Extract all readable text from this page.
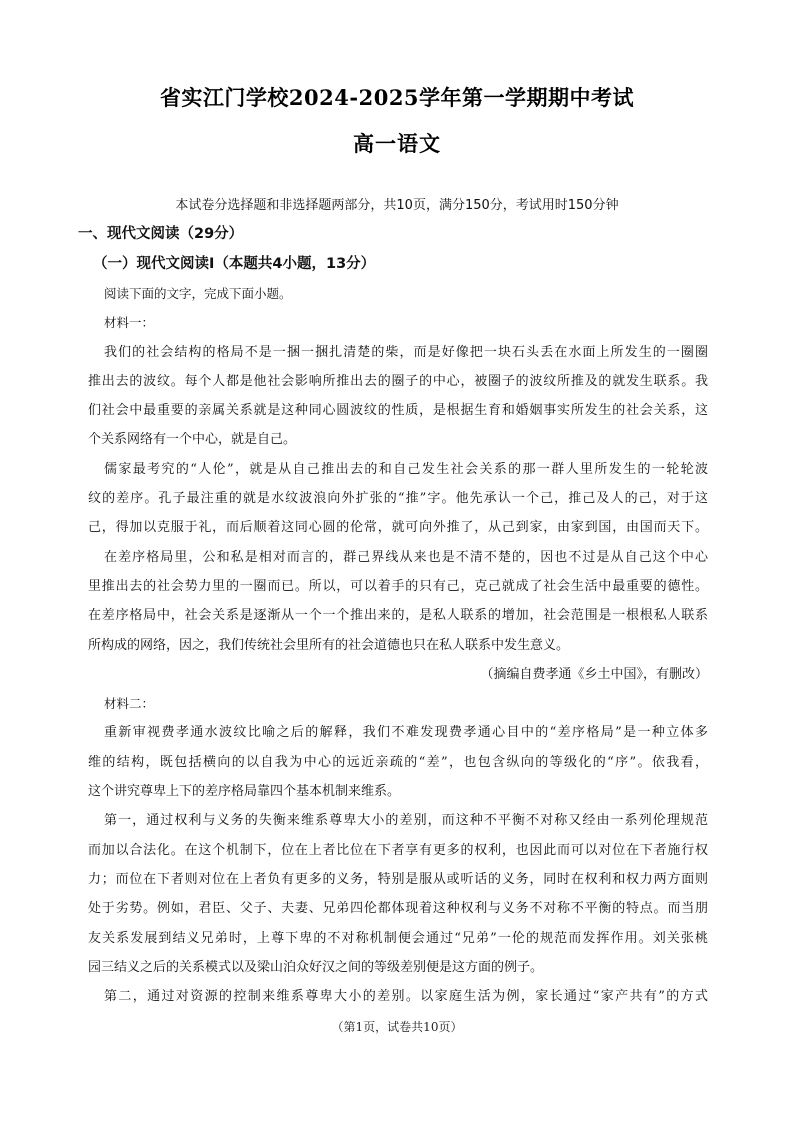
省实江门学校2024-2025学年第一学期期中考试
高一语文
本试卷分选择题和非选择题两部分，共10页，满分150分，考试用时150分钟
一、现代文阅读（29分）
（一）现代文阅读Ⅰ（本题共4小题，13分）
阅读下面的文字，完成下面小题。
材料一：
我们的社会结构的格局不是一捆一捆扎清楚的柴，而是好像把一块石头丢在水面上所发生的一圈圈
推出去的波纹。每个人都是他社会影响所推出去的圈子的中心，被圈子的波纹所推及的就发生联系。我
们社会中最重要的亲属关系就是这种同心圆波纹的性质，是根据生育和婚姻事实所发生的社会关系，这
个关系网络有一个中心，就是自己。
儒家最考究的“人伦”，就是从自己推出去的和自己发生社会关系的那一群人里所发生的一轮轮波
纹的差序。孔子最注重的就是水纹波浪向外扩张的“推”字。他先承认一个己，推己及人的己，对于这
己，得加以克服于礼，而后顺着这同心圆的伦常，就可向外推了，从己到家，由家到国，由国而天下。
在差序格局里，公和私是相对而言的，群己界线从来也是不清不楚的，因也不过是从自己这个中心
里推出去的社会势力里的一圈而已。所以，可以着手的只有己，克己就成了社会生活中最重要的德性。
在差序格局中，社会关系是逐渐从一个一个推出来的，是私人联系的增加，社会范围是一根根私人联系
所构成的网络，因之，我们传统社会里所有的社会道德也只在私人联系中发生意义。
（摘编自费孝通《乡土中国》，有删改）
材料二：
重新审视费孝通水波纹比喻之后的解释，我们不难发现费孝通心目中的“差序格局”是一种立体多
维的结构，既包括横向的以自我为中心的远近亲疏的“差”，也包含纵向的等级化的“序”。依我看，
这个讲究尊卑上下的差序格局靠四个基本机制来维系。
第一，通过权利与义务的失衡来维系尊卑大小的差别，而这种不平衡不对称又经由一系列伦理规范
而加以合法化。在这个机制下，位在上者比位在下者享有更多的权利，也因此而可以对位在下者施行权
力；而位在下者则对位在上者负有更多的义务，特别是服从或听话的义务，同时在权利和权力两方面则
处于劣势。例如，君臣、父子、夫妻、兄弟四伦都体现着这种权利与义务不对称不平衡的特点。而当朋
友关系发展到结义兄弟时，上尊下卑的不对称机制便会通过“兄弟”一伦的规范而发挥作用。刘关张桃
园三结义之后的关系模式以及梁山泊众好汉之间的等级差别便是这方面的例子。
第二，通过对资源的控制来维系尊卑大小的差别。以家庭生活为例，家长通过“家产共有”的方式
（第1页，试卷共10页）
